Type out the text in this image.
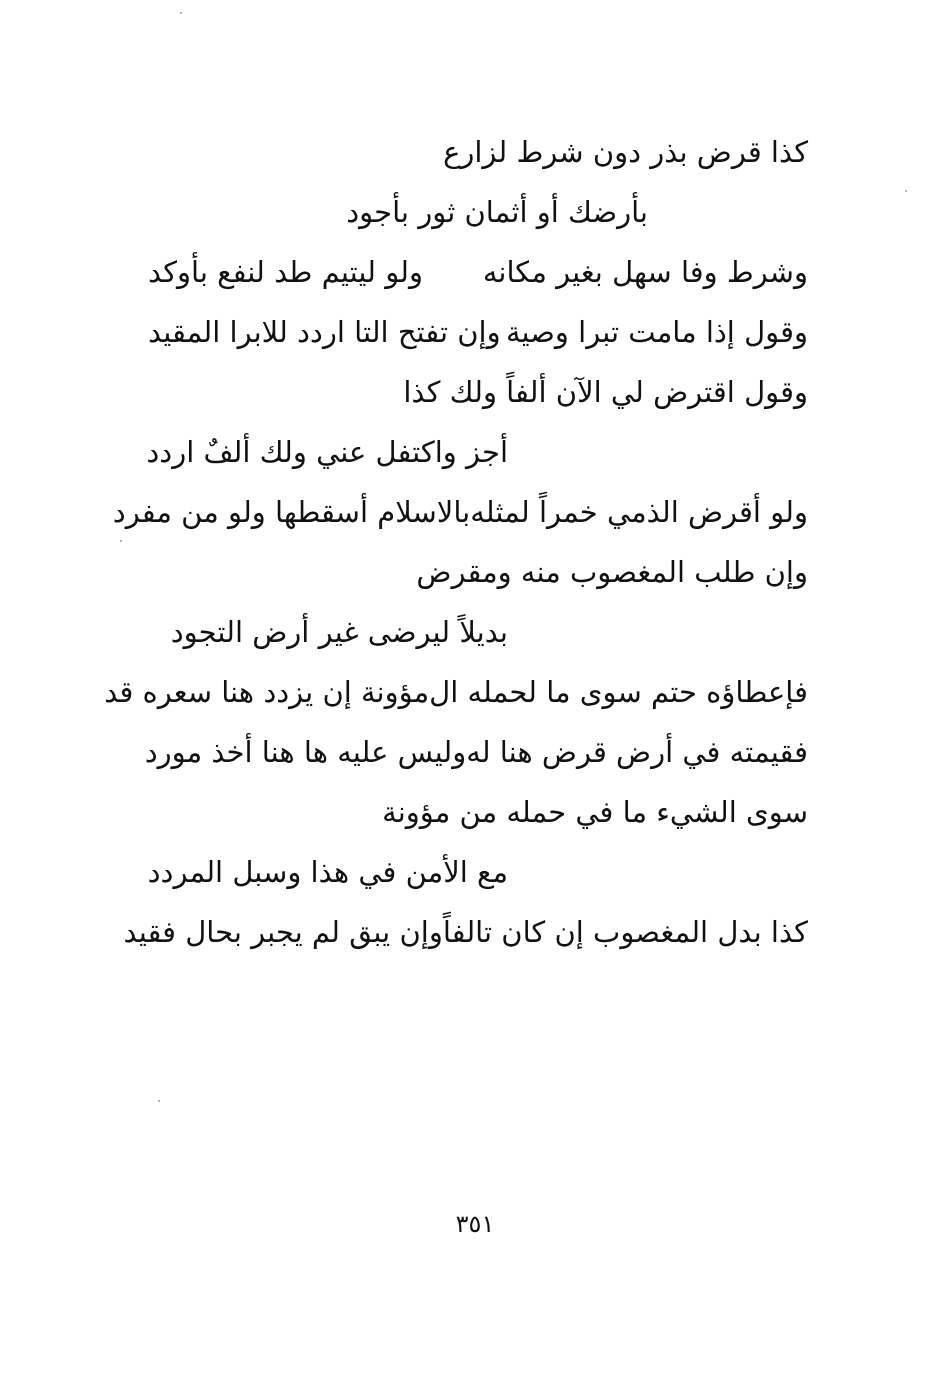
كذا قرض بذر دون شرط لزارع
بأرضك أو أثمان ثور بأجود
وشرط وفا سهل بغير مكانه
ولو ليتيم طد لنفع بأوكد
وقول إذا مامت تبرا وصية
وإن تفتح التا اردد للابرا المقيد
وقول اقترض لي الآن ألفاً ولك كذا
أجز واكتفل عني ولك ألفٌ اردد
ولو أقرض الذمي خمراً لمثله
بالاسلام أسقطها ولو من مفرد
وإن طلب المغصوب منه ومقرض
بديلاً ليرضى غير أرض التجود
فإعطاؤه حتم سوى ما لحمله ال
مؤونة إن يزدد هنا سعره قد
فقيمته في أرض قرض هنا له
وليس عليه ها هنا أخذ مورد
سوى الشيء ما في حمله من مؤونة
مع الأمن في هذا وسبل المردد
كذا بدل المغصوب إن كان تالفاً
وإن يبق لم يجبر بحال فقيد
٣٥١
